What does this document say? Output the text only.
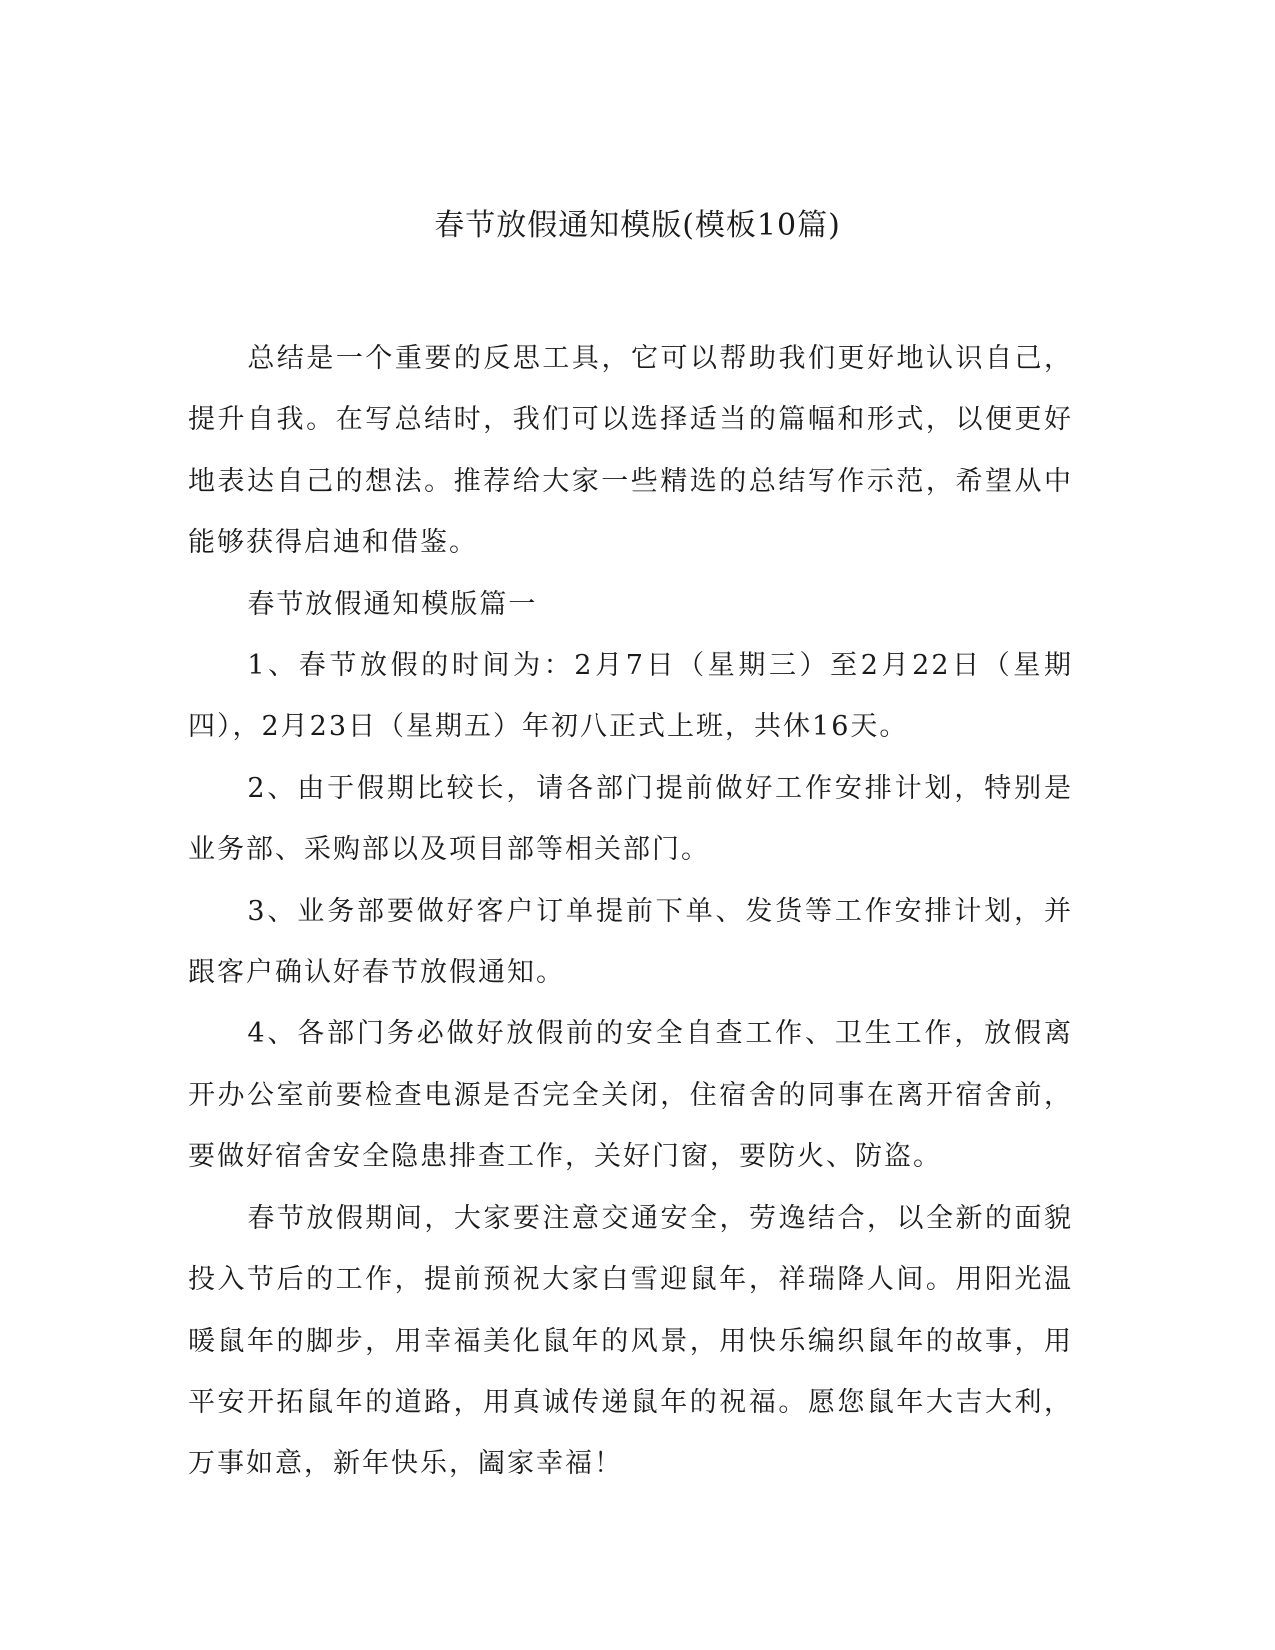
春节放假通知模版(模板10篇)

总结是一个重要的反思工具，它可以帮助我们更好地认识自己，提升自我。在写总结时，我们可以选择适当的篇幅和形式，以便更好地表达自己的想法。推荐给大家一些精选的总结写作示范，希望从中能够获得启迪和借鉴。

春节放假通知模版篇一

1、春节放假的时间为：2月7日（星期三）至2月22日（星期四），2月23日（星期五）年初八正式上班，共休16天。

2、由于假期比较长，请各部门提前做好工作安排计划，特别是业务部、采购部以及项目部等相关部门。

3、业务部要做好客户订单提前下单、发货等工作安排计划，并跟客户确认好春节放假通知。

4、各部门务必做好放假前的安全自查工作、卫生工作，放假离开办公室前要检查电源是否完全关闭，住宿舍的同事在离开宿舍前，要做好宿舍安全隐患排查工作，关好门窗，要防火、防盗。

春节放假期间，大家要注意交通安全，劳逸结合，以全新的面貌投入节后的工作，提前预祝大家白雪迎鼠年，祥瑞降人间。用阳光温暖鼠年的脚步，用幸福美化鼠年的风景，用快乐编织鼠年的故事，用平安开拓鼠年的道路，用真诚传递鼠年的祝福。愿您鼠年大吉大利，万事如意，新年快乐，阖家幸福！
